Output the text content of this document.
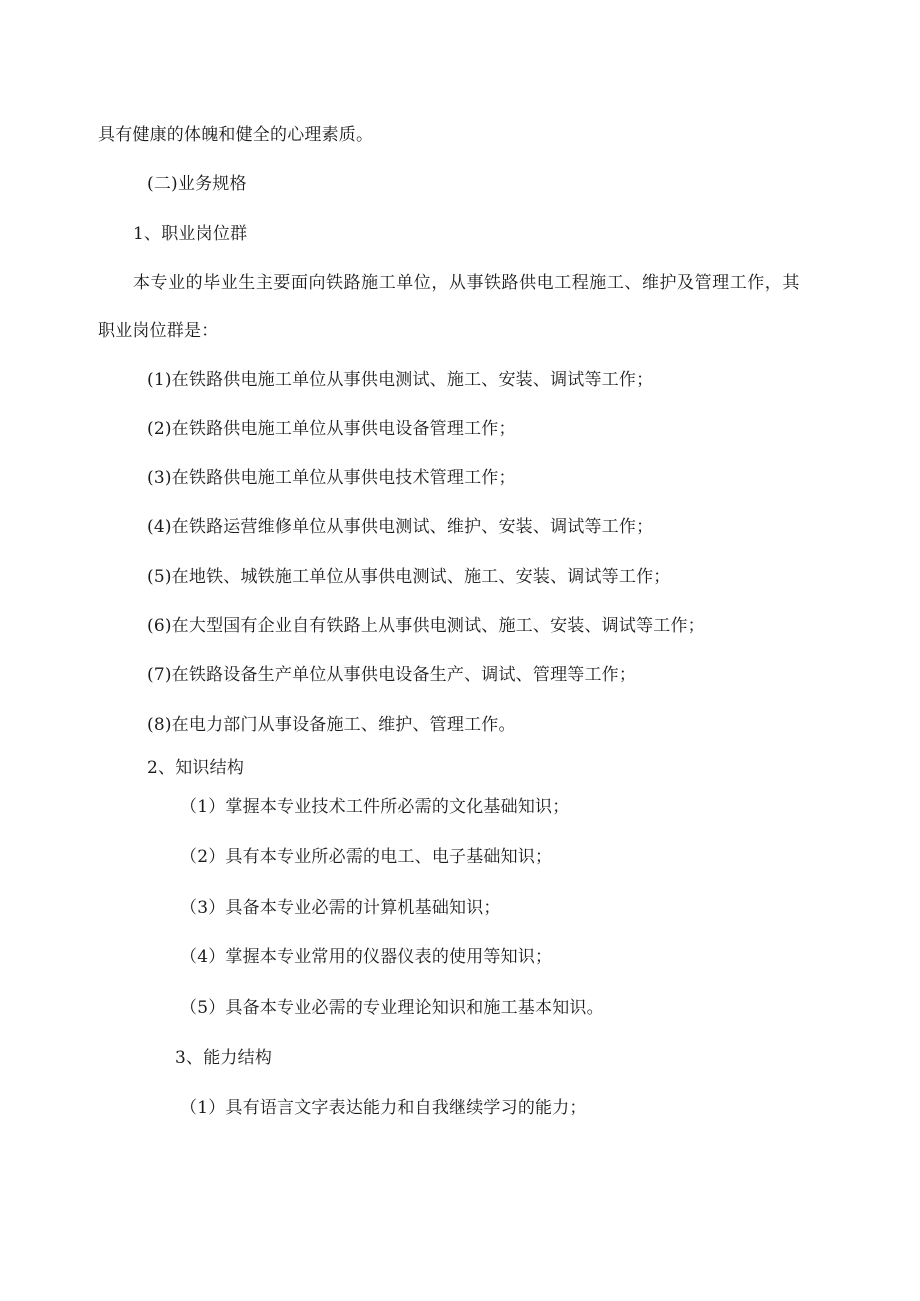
具有健康的体魄和健全的心理素质。
(二)业务规格
1、职业岗位群
本专业的毕业生主要面向铁路施工单位，从事铁路供电工程施工、维护及管理工作，其
职业岗位群是：
(1)在铁路供电施工单位从事供电测试、施工、安装、调试等工作；
(2)在铁路供电施工单位从事供电设备管理工作；
(3)在铁路供电施工单位从事供电技术管理工作；
(4)在铁路运营维修单位从事供电测试、维护、安装、调试等工作；
(5)在地铁、城铁施工单位从事供电测试、施工、安装、调试等工作；
(6)在大型国有企业自有铁路上从事供电测试、施工、安装、调试等工作；
(7)在铁路设备生产单位从事供电设备生产、调试、管理等工作；
(8)在电力部门从事设备施工、维护、管理工作。
2、知识结构
（1）掌握本专业技术工件所必需的文化基础知识；
（2）具有本专业所必需的电工、电子基础知识；
（3）具备本专业必需的计算机基础知识；
（4）掌握本专业常用的仪器仪表的使用等知识；
（5）具备本专业必需的专业理论知识和施工基本知识。
3、能力结构
（1）具有语言文字表达能力和自我继续学习的能力；
